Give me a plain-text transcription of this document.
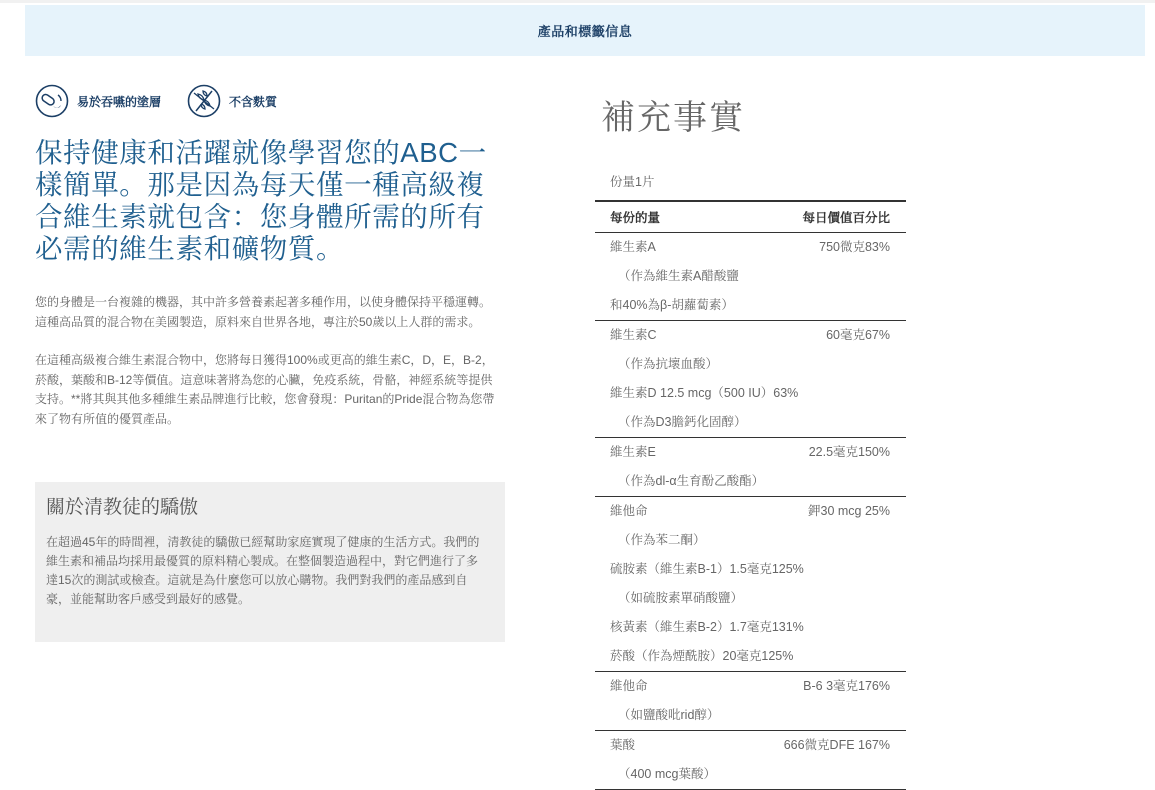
產品和標籤信息
易於吞嚥的塗層	不含麩質
保持健康和活躍就像學習您的ABC一樣簡單。那是因為每天僅一種高級複合維生素就包含：您身體所需的所有必需的維生素和礦物質。

您的身體是一台複雜的機器，其中許多營養素起著多種作用，以使身體保持平穩運轉。這種高品質的混合物在美國製造，原料來自世界各地，專注於50歲以上人群的需求。

在這種高級複合維生素混合物中，您將每日獲得100%或更高的維生素C，D，E，B-2，菸酸，葉酸和B-12等價值。這意味著將為您的心臟，免疫系統，骨骼，神經系統等提供支持。**將其與其他多種維生素品牌進行比較，您會發現：Puritan的Pride混合物為您帶來了物有所值的優質產品。

關於清教徒的驕傲

在超過45年的時間裡，清教徒的驕傲已經幫助家庭實現了健康的生活方式。我們的維生素和補品均採用最優質的原料精心製成。在整個製造過程中，對它們進行了多達15次的測試或檢查。這就是為什麼您可以放心購物。我們對我們的產品感到自豪，並能幫助客戶感受到最好的感覺。

補充事實
份量1片
每份的量	每日價值百分比
維生素A	750微克83%
（作為維生素A醋酸鹽
和40%為β-胡蘿蔔素）
維生素C	60毫克67%
（作為抗壞血酸）
維生素D 12.5 mcg（500 IU）63%
（作為D3膽鈣化固醇）
維生素E	22.5毫克150%
（作為dl-α生育酚乙酸酯）
維他命	鉀30 mcg 25%
（作為苯二酮）
硫胺素（維生素B-1）1.5毫克125%
（如硫胺素單硝酸鹽）
核黃素（維生素B-2）1.7毫克131%
菸酸（作為煙酰胺）20毫克125%
維他命	B-6 3毫克176%
（如鹽酸吡rid醇）
葉酸	666微克DFE 167%
（400 mcg葉酸）
